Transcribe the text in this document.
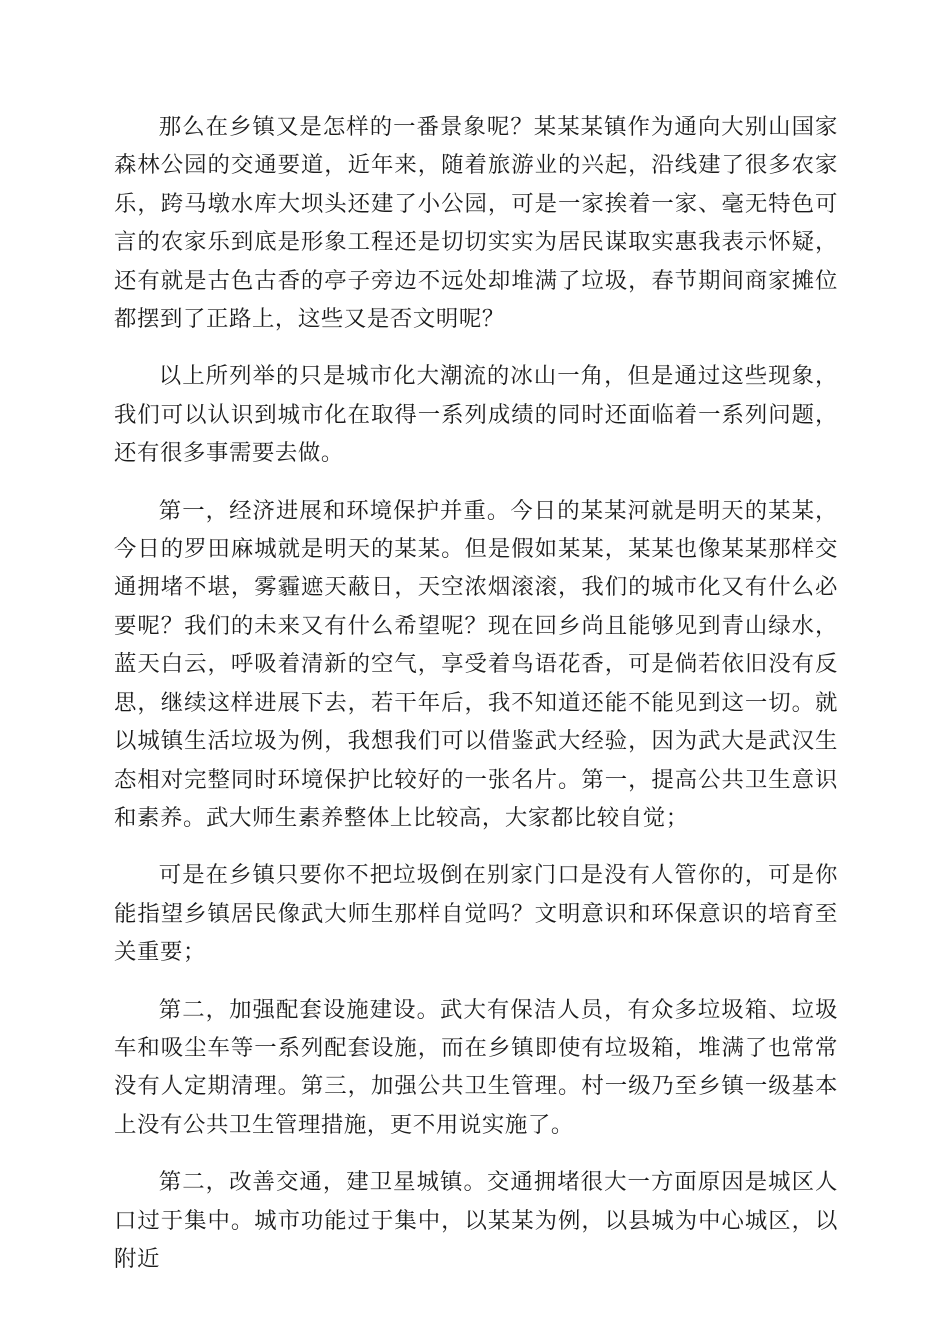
那么在乡镇又是怎样的一番景象呢？某某某镇作为通向大别山国家森林公园的交通要道，近年来，随着旅游业的兴起，沿线建了很多农家乐，跨马墩水库大坝头还建了小公园，可是一家挨着一家、毫无特色可言的农家乐到底是形象工程还是切切实实为居民谋取实惠我表示怀疑，还有就是古色古香的亭子旁边不远处却堆满了垃圾，春节期间商家摊位都摆到了正路上，这些又是否文明呢？

以上所列举的只是城市化大潮流的冰山一角，但是通过这些现象，我们可以认识到城市化在取得一系列成绩的同时还面临着一系列问题，还有很多事需要去做。

第一，经济进展和环境保护并重。今日的某某河就是明天的某某，今日的罗田麻城就是明天的某某。但是假如某某，某某也像某某那样交通拥堵不堪，雾霾遮天蔽日，天空浓烟滚滚，我们的城市化又有什么必要呢？我们的未来又有什么希望呢？现在回乡尚且能够见到青山绿水，蓝天白云，呼吸着清新的空气，享受着鸟语花香，可是倘若依旧没有反思，继续这样进展下去，若干年后，我不知道还能不能见到这一切。就以城镇生活垃圾为例，我想我们可以借鉴武大经验，因为武大是武汉生态相对完整同时环境保护比较好的一张名片。第一，提高公共卫生意识和素养。武大师生素养整体上比较高，大家都比较自觉；

可是在乡镇只要你不把垃圾倒在别家门口是没有人管你的，可是你能指望乡镇居民像武大师生那样自觉吗？文明意识和环保意识的培育至关重要；

第二，加强配套设施建设。武大有保洁人员，有众多垃圾箱、垃圾车和吸尘车等一系列配套设施，而在乡镇即使有垃圾箱，堆满了也常常没有人定期清理。第三，加强公共卫生管理。村一级乃至乡镇一级基本上没有公共卫生管理措施，更不用说实施了。

第二，改善交通，建卫星城镇。交通拥堵很大一方面原因是城区人口过于集中。城市功能过于集中，以某某为例，以县城为中心城区，以附近
